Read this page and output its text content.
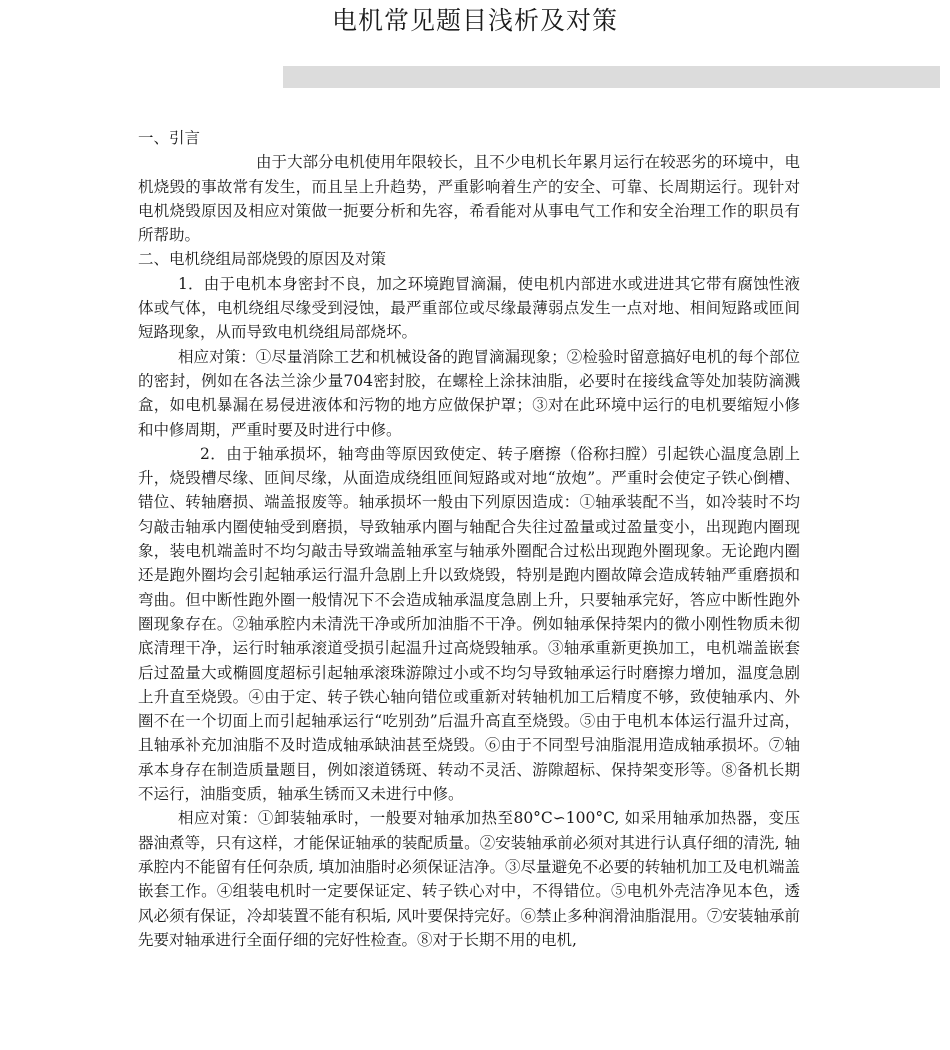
电机常见题目浅析及对策

一、引言

由于大部分电机使用年限较长，且不少电机长年累月运行在较恶劣的环境中，电机烧毁的事故常有发生，而且呈上升趋势，严重影响着生产的安全、可靠、长周期运行。现针对电机烧毁原因及相应对策做一扼要分析和先容，希看能对从事电气工作和安全治理工作的职员有所帮助。

二、电机绕组局部烧毁的原因及对策

1．由于电机本身密封不良，加之环境跑冒滴漏，使电机内部进水或进进其它带有腐蚀性液体或气体，电机绕组尽缘受到浸蚀，最严重部位或尽缘最薄弱点发生一点对地、相间短路或匝间短路现象，从而导致电机绕组局部烧坏。

相应对策：①尽量消除工艺和机械设备的跑冒滴漏现象；②检验时留意搞好电机的每个部位的密封，例如在各法兰涂少量704密封胶，在螺栓上涂抹油脂，必要时在接线盒等处加装防滴溅盒，如电机暴漏在易侵进液体和污物的地方应做保护罩；③对在此环境中运行的电机要缩短小修和中修周期，严重时要及时进行中修。

2．由于轴承损坏，轴弯曲等原因致使定、转子磨擦（俗称扫膛）引起铁心温度急剧上升，烧毁槽尽缘、匝间尽缘，从面造成绕组匝间短路或对地“放炮”。严重时会使定子铁心倒槽、错位、转轴磨损、端盖报废等。轴承损坏一般由下列原因造成：①轴承装配不当，如冷装时不均匀敲击轴承内圈使轴受到磨损，导致轴承内圈与轴配合失往过盈量或过盈量变小，出现跑内圈现象，装电机端盖时不均匀敲击导致端盖轴承室与轴承外圈配合过松出现跑外圈现象。无论跑内圈还是跑外圈均会引起轴承运行温升急剧上升以致烧毁，特别是跑内圈故障会造成转轴严重磨损和弯曲。但中断性跑外圈一般情况下不会造成轴承温度急剧上升，只要轴承完好，答应中断性跑外圈现象存在。②轴承腔内未清洗干净或所加油脂不干净。例如轴承保持架内的微小刚性物质未彻底清理干净，运行时轴承滚道受损引起温升过高烧毁轴承。③轴承重新更换加工，电机端盖嵌套后过盈量大或椭圆度超标引起轴承滚珠游隙过小或不均匀导致轴承运行时磨擦力增加，温度急剧上升直至烧毁。④由于定、转子铁心轴向错位或重新对转轴机加工后精度不够，致使轴承内、外圈不在一个切面上而引起轴承运行“吃别劲”后温升高直至烧毁。⑤由于电机本体运行温升过高，且轴承补充加油脂不及时造成轴承缺油甚至烧毁。⑥由于不同型号油脂混用造成轴承损坏。⑦轴承本身存在制造质量题目，例如滚道锈斑、转动不灵活、游隙超标、保持架变形等。⑧备机长期不运行，油脂变质，轴承生锈而又未进行中修。

相应对策：①卸装轴承时，一般要对轴承加热至80°C∽100°C, 如采用轴承加热器，变压器油煮等，只有这样，才能保证轴承的装配质量。②安装轴承前必须对其进行认真仔细的清洗, 轴承腔内不能留有任何杂质, 填加油脂时必须保证洁净。③尽量避免不必要的转轴机加工及电机端盖嵌套工作。④组装电机时一定要保证定、转子铁心对中，不得错位。⑤电机外壳洁净见本色，透风必须有保证，冷却装置不能有积垢, 风叶要保持完好。⑥禁止多种润滑油脂混用。⑦安装轴承前先要对轴承进行全面仔细的完好性检查。⑧对于长期不用的电机,
